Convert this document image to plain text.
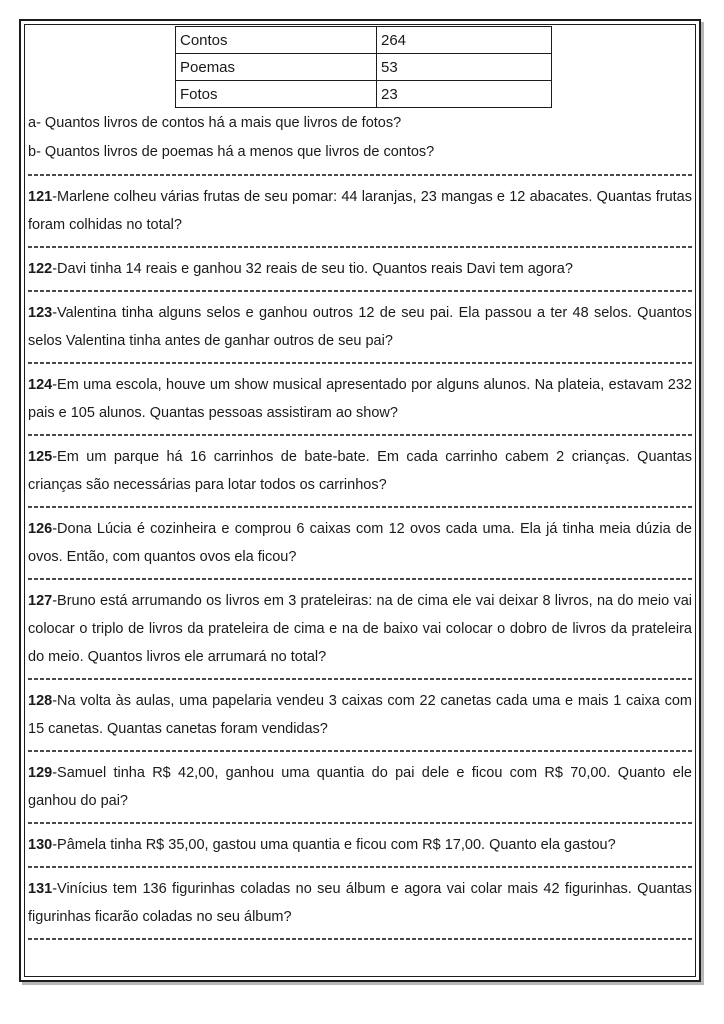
Contos	264
Poemas	53
Fotos	23

a- Quantos livros de contos há a mais que livros de fotos?

b- Quantos livros de poemas há a menos que livros de contos?

121-Marlene colheu várias frutas de seu pomar: 44 laranjas, 23 mangas e 12 abacates. Quantas frutas foram colhidas no total?

122-Davi tinha 14 reais e ganhou 32 reais de seu tio. Quantos reais Davi tem agora?

123-Valentina tinha alguns selos e ganhou outros 12 de seu pai. Ela passou a ter 48 selos. Quantos selos Valentina tinha antes de ganhar outros de seu pai?

124-Em uma escola, houve um show musical apresentado por alguns alunos. Na plateia, estavam 232 pais e 105 alunos. Quantas pessoas assistiram ao show?

125-Em um parque há 16 carrinhos de bate-bate. Em cada carrinho cabem 2 crianças. Quantas crianças são necessárias para lotar todos os carrinhos?

126-Dona Lúcia é cozinheira e comprou 6 caixas com 12 ovos cada uma. Ela já tinha meia dúzia de ovos. Então, com quantos ovos ela ficou?

127-Bruno está arrumando os livros em 3 prateleiras: na de cima ele vai deixar 8 livros, na do meio vai colocar o triplo de livros da prateleira de cima e na de baixo vai colocar o dobro de livros da prateleira do meio. Quantos livros ele arrumará no total?

128-Na volta às aulas, uma papelaria vendeu 3 caixas com 22 canetas cada uma e mais 1 caixa com 15 canetas. Quantas canetas foram vendidas?

129-Samuel tinha R$ 42,00, ganhou uma quantia do pai dele e ficou com R$ 70,00. Quanto ele ganhou do pai?

130-Pâmela tinha R$ 35,00, gastou uma quantia e ficou com R$ 17,00. Quanto ela gastou?

131-Vinícius tem 136 figurinhas coladas no seu álbum e agora vai colar mais 42 figurinhas. Quantas figurinhas ficarão coladas no seu álbum?
